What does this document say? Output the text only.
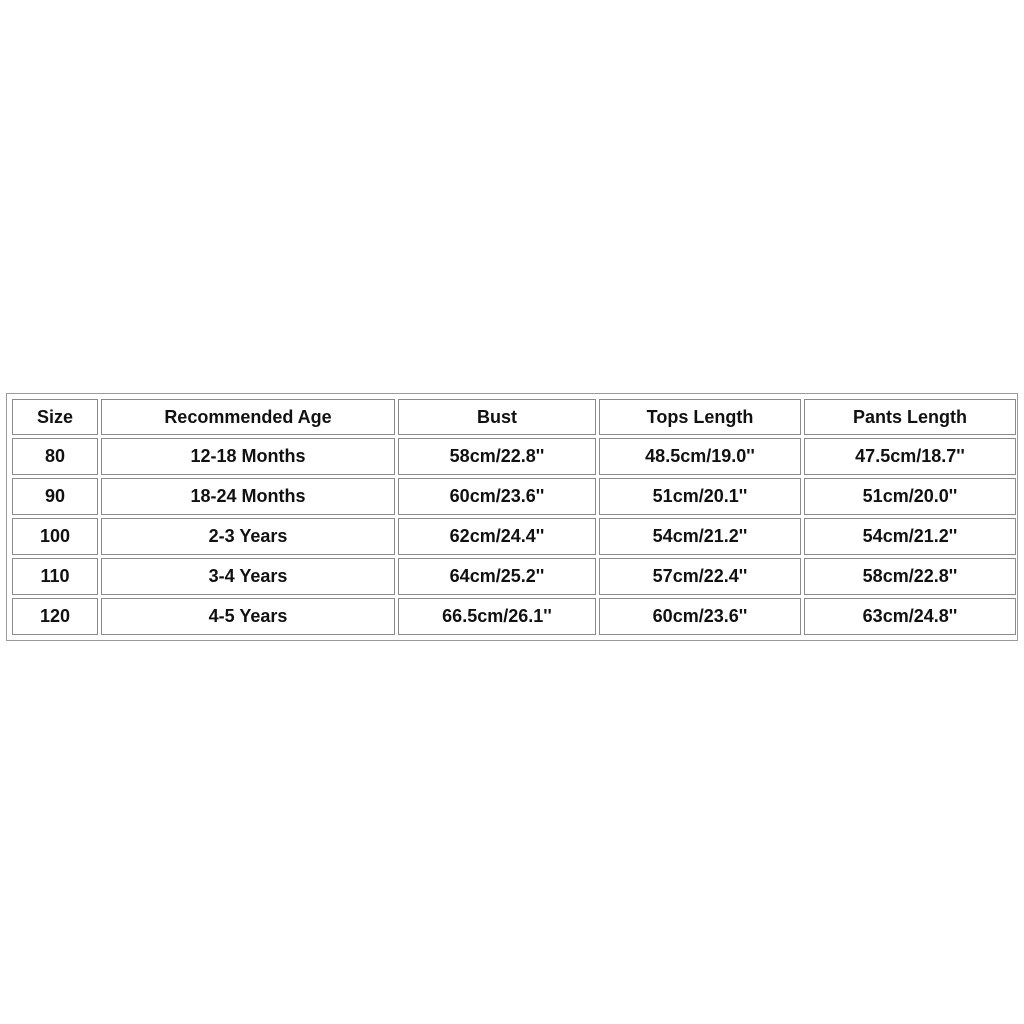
Size	Recommended Age	Bust	Tops Length	Pants Length
80	12-18 Months	58cm/22.8''	48.5cm/19.0''	47.5cm/18.7''
90	18-24 Months	60cm/23.6''	51cm/20.1''	51cm/20.0''
100	2-3 Years	62cm/24.4''	54cm/21.2''	54cm/21.2''
110	3-4 Years	64cm/25.2''	57cm/22.4''	58cm/22.8''
120	4-5 Years	66.5cm/26.1''	60cm/23.6''	63cm/24.8''
